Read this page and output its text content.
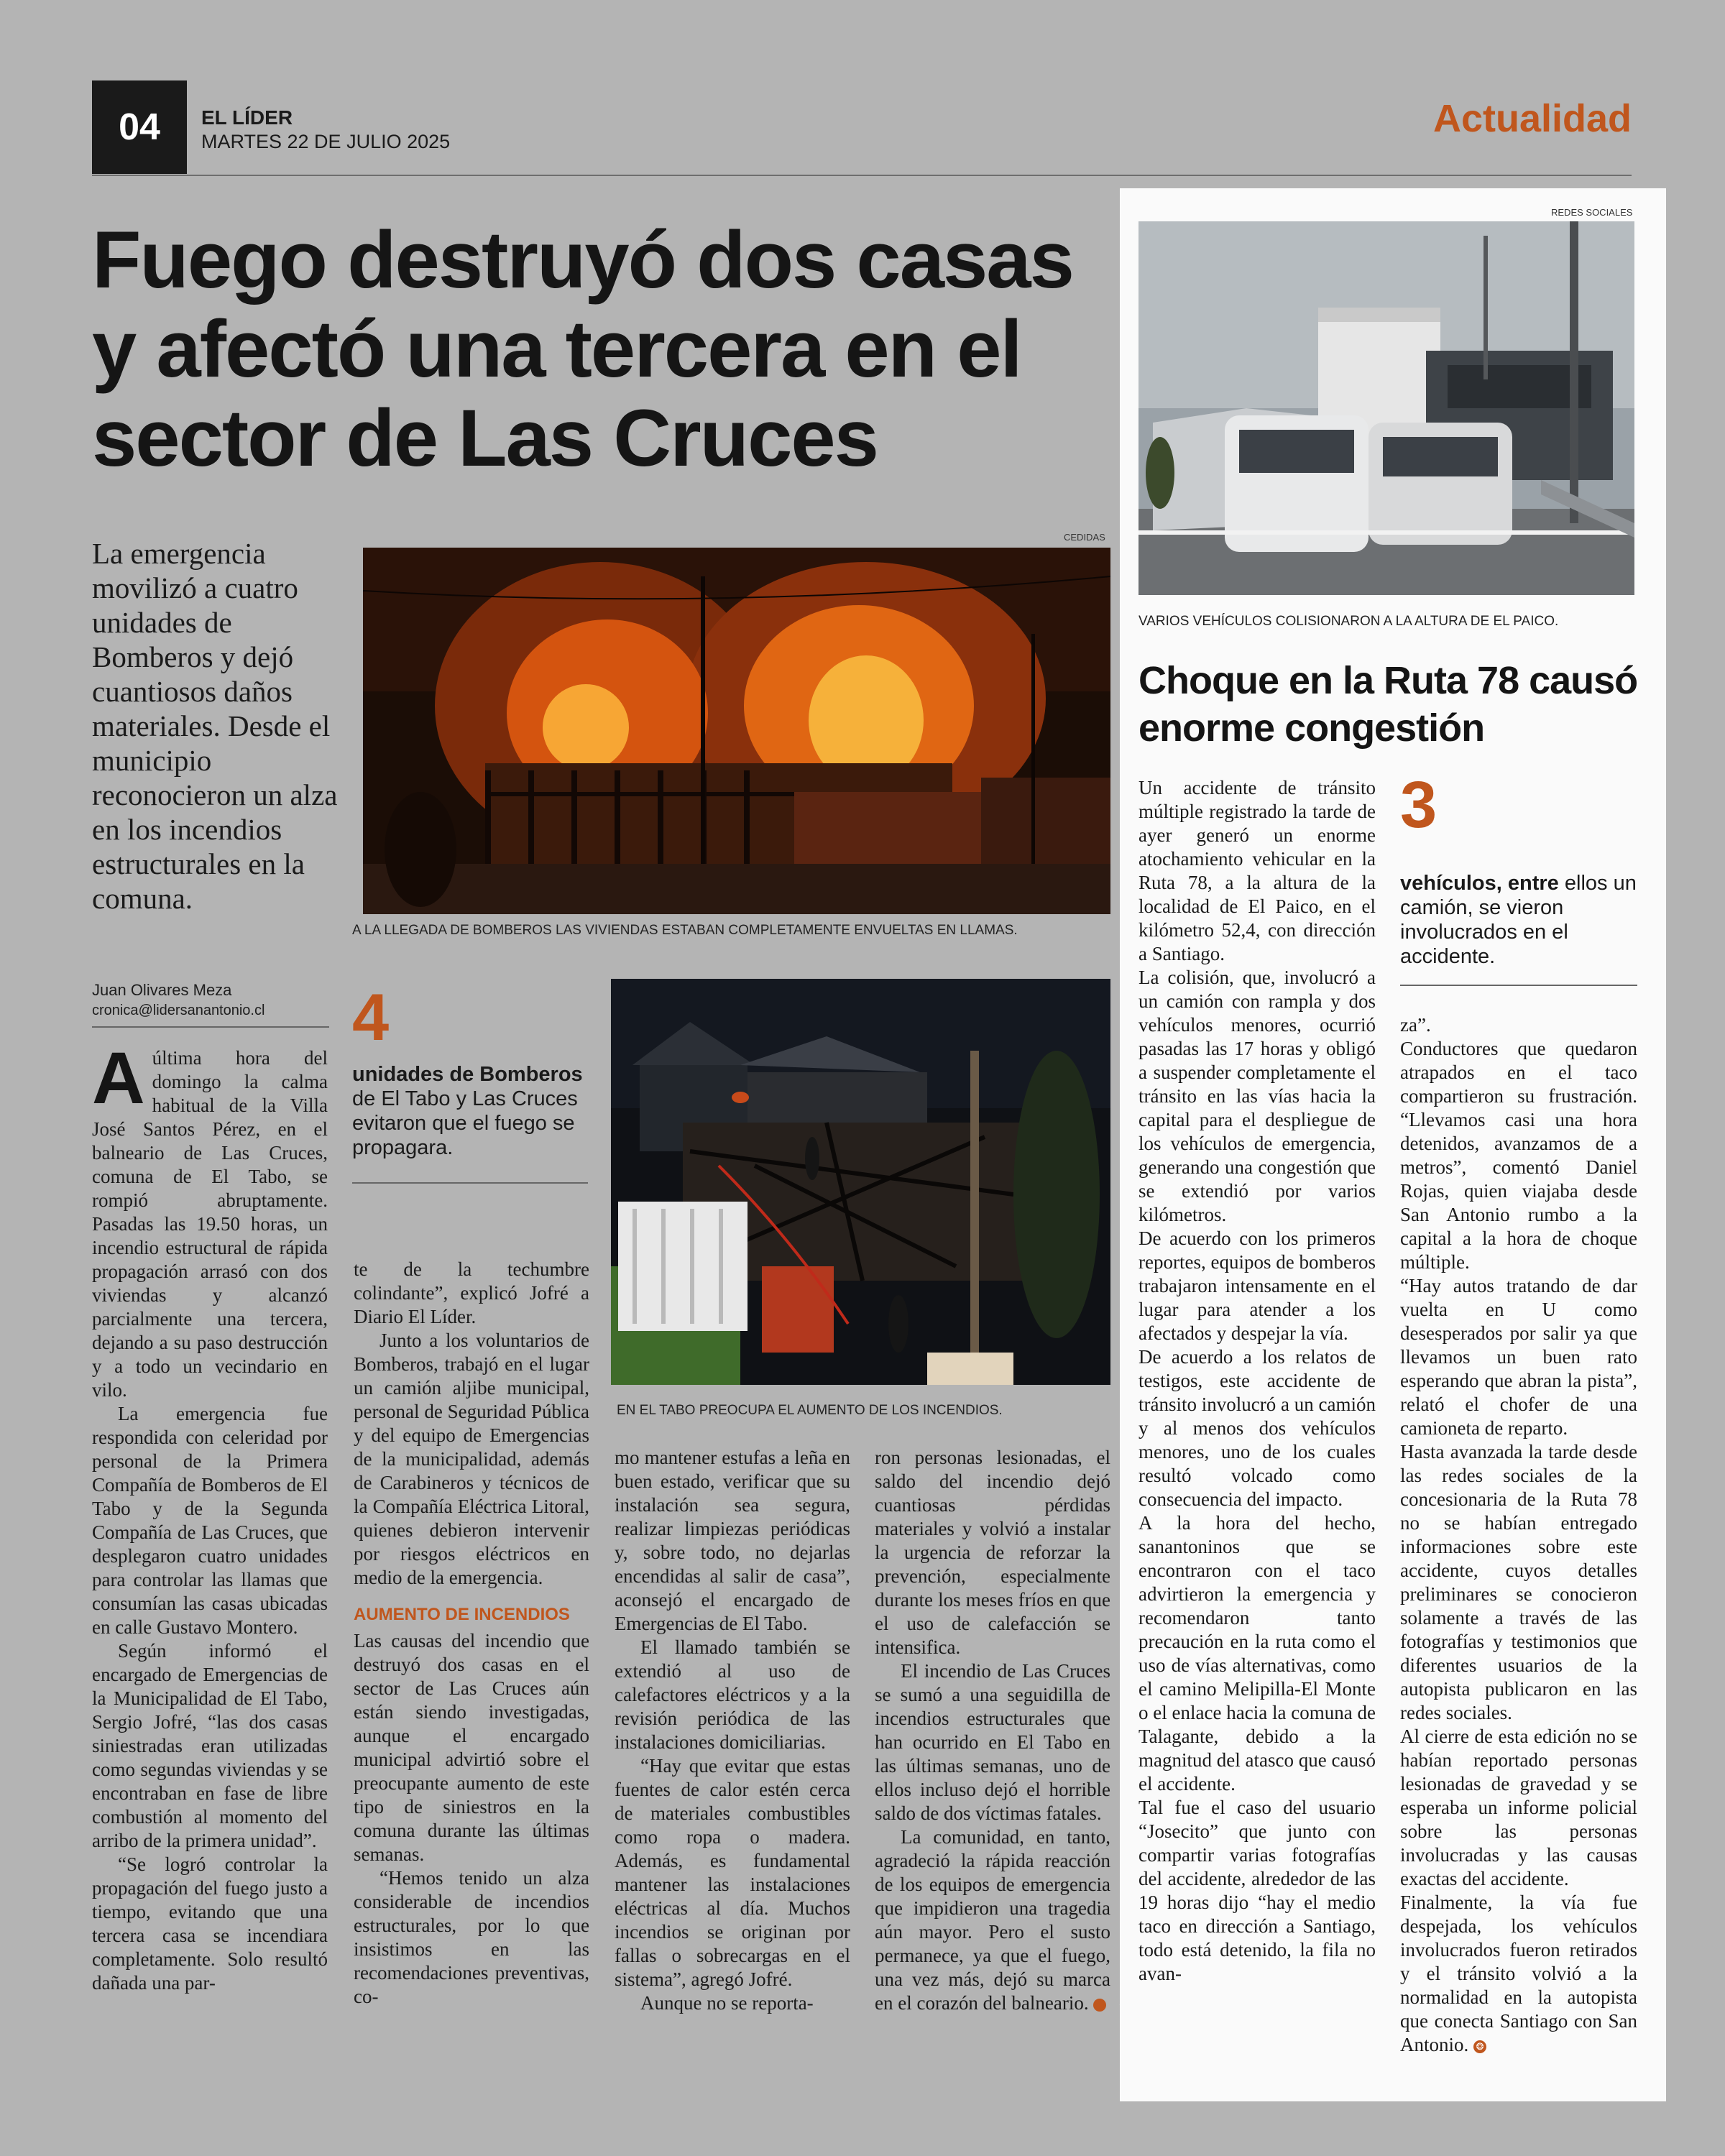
04	EL LÍDER
MARTES 22 DE JULIO 2025
Actualidad
Fuego destruyó dos casas y afectó una tercera en el sector de Las Cruces
La emergencia movilizó a cuatro unidades de Bomberos y dejó cuantiosos daños materiales. Desde el municipio reconocieron un alza en los incendios estructurales en la comuna.
CEDIDAS
A LA LLEGADA DE BOMBEROS LAS VIVIENDAS ESTABAN COMPLETAMENTE ENVUELTAS EN LLAMAS.
Juan Olivares Meza
cronica@lidersanantonio.cl	4
unidades de Bomberos
de El Tabo y Las Cruces evitaron que el fuego se propagara.
EN EL TABO PREOCUPA EL AUMENTO DE LOS INCENDIOS.

Aúltima hora del domingo la calma habitual de la Villa José Santos Pérez, en el balneario de Las Cruces, comuna de El Tabo, se rompió abruptamente. Pasadas las 19.50 horas, un incendio estructural de rápida propagación arrasó con dos viviendas y alcanzó parcialmente una tercera, dejando a su paso destrucción y a todo un vecindario en vilo.

La emergencia fue respondida con celeridad por personal de la Primera Compañía de Bomberos de El Tabo y de la Segunda Compañía de Las Cruces, que desplegaron cuatro unidades para controlar las llamas que consumían las casas ubicadas en calle Gustavo Montero.

Según informó el encargado de Emergencias de la Municipalidad de El Tabo, Sergio Jofré, “las dos casas siniestradas eran utilizadas como segundas viviendas y se encontraban en fase de libre combustión al momento del arribo de la primera unidad”.

“Se logró controlar la propagación del fuego justo a tiempo, evitando que una tercera casa se incendiara completamente. Solo resultó dañada una par-

te de la techumbre colindante”, explicó Jofré a Diario El Líder.

Junto a los voluntarios de Bomberos, trabajó en el lugar un camión aljibe municipal, personal de Seguridad Pública y del equipo de Emergencias de la municipalidad, además de Carabineros y técnicos de la Compañía Eléctrica Litoral, quienes debieron intervenir por riesgos eléctricos en medio de la emergencia.

AUMENTO DE INCENDIOS

Las causas del incendio que destruyó dos casas en el sector de Las Cruces aún están siendo investigadas, aunque el encargado municipal advirtió sobre el preocupante aumento de este tipo de siniestros en la comuna durante las últimas semanas.

“Hemos tenido un alza considerable de incendios estructurales, por lo que insistimos en las recomendaciones preventivas, co-

mo mantener estufas a leña en buen estado, verificar que su instalación sea segura, realizar limpiezas periódicas y, sobre todo, no dejarlas encendidas al salir de casa”, aconsejó el encargado de Emergencias de El Tabo.

El llamado también se extendió al uso de calefactores eléctricos y a la revisión periódica de las instalaciones domiciliarias.

“Hay que evitar que estas fuentes de calor estén cerca de materiales combustibles como ropa o madera. Además, es fundamental mantener las instalaciones eléctricas al día. Muchos incendios se originan por fallas o sobrecargas en el sistema”, agregó Jofré.

Aunque no se reporta-

ron personas lesionadas, el saldo del incendio dejó cuantiosas pérdidas materiales y volvió a instalar la urgencia de reforzar la prevención, especialmente durante los meses fríos en que el uso de calefacción se intensifica.

El incendio de Las Cruces se sumó a una seguidilla de incendios estructurales que han ocurrido en El Tabo en las últimas semanas, uno de ellos incluso dejó el horrible saldo de dos víctimas fatales.

La comunidad, en tanto, agradeció la rápida reacción de los equipos de emergencia que impidieron una tragedia aún mayor. Pero el susto permanece, ya que el fuego, una vez más, dejó su marca en el corazón del balneario.

REDES SOCIALES
VARIOS VEHÍCULOS COLISIONARON A LA ALTURA DE EL PAICO.
Choque en la Ruta 78 causó enorme congestión

Un accidente de tránsito múltiple registrado la tarde de ayer generó un enorme atochamiento vehicular en la Ruta 78, a la altura de la localidad de El Paico, en el kilómetro 52,4, con dirección a Santiago.

La colisión, que, involucró a un camión con rampla y dos vehículos menores, ocurrió pasadas las 17 horas y obligó a suspender completamente el tránsito en las vías hacia la capital para el despliegue de los vehículos de emergencia, generando una congestión que se extendió por varios kilómetros.

De acuerdo con los primeros reportes, equipos de bomberos trabajaron intensamente en el lugar para atender a los afectados y despejar la vía.

De acuerdo a los relatos de testigos, este accidente de tránsito involucró a un camión y al menos dos vehículos menores, uno de los cuales resultó volcado como consecuencia del impacto.

A la hora del hecho, sanantoninos que se encontraron con el taco advirtieron la emergencia y recomendaron tanto precaución en la ruta como el uso de vías alternativas, como el camino Melipilla-El Monte o el enlace hacia la comuna de Talagante, debido a la magnitud del atasco que causó el accidente.

Tal fue el caso del usuario “Josecito” que junto con compartir varias fotografías del accidente, alrededor de las 19 horas dijo “hay el medio taco en dirección a Santiago, todo está detenido, la fila no avan-

3
vehículos, entre ellos un camión, se vieron involucrados en el accidente.

za”.

Conductores que quedaron atrapados en el taco compartieron su frustración. “Llevamos casi una hora detenidos, avanzamos de a metros”, comentó Daniel Rojas, quien viajaba desde San Antonio rumbo a la capital a la hora de choque múltiple.

“Hay autos tratando de dar vuelta en U como desesperados por salir ya que llevamos un buen rato esperando que abran la pista”, relató el chofer de una camioneta de reparto.

Hasta avanzada la tarde desde las redes sociales de la concesionaria de la Ruta 78 no se habían entregado informaciones sobre este accidente, cuyos detalles preliminares se conocieron solamente a través de las fotografías y testimonios que diferentes usuarios de la autopista publicaron en las redes sociales.

Al cierre de esta edición no se habían reportado personas lesionadas de gravedad y se esperaba un informe policial sobre las personas involucradas y las causas exactas del accidente.

Finalmente, la vía fue despejada, los vehículos involucrados fueron retirados y el tránsito volvió a la normalidad en la autopista que conecta Santiago con San Antonio. ❂
